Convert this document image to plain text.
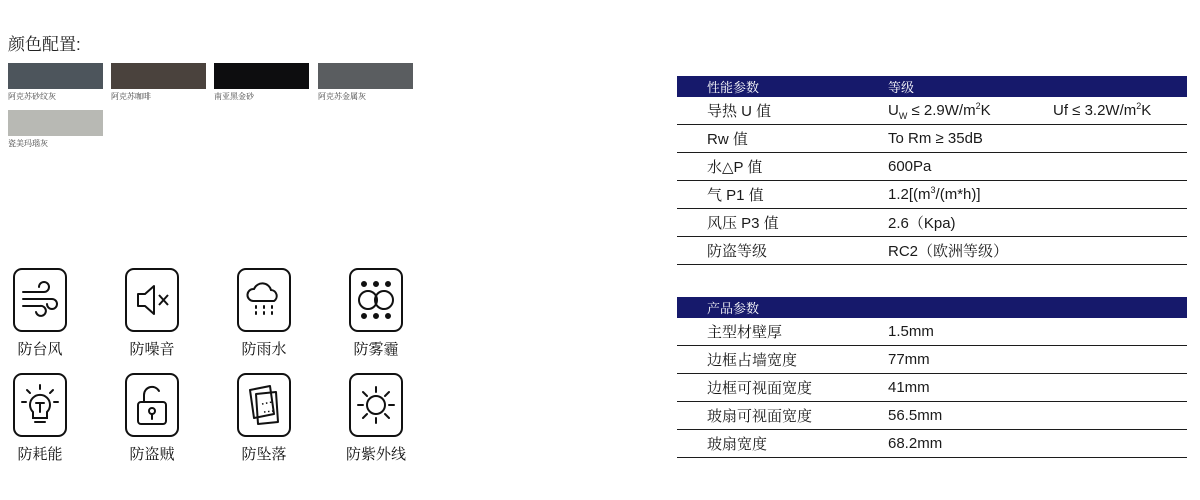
颜色配置:
阿克苏砂纹灰	阿克苏咖啡	南亚黑金砂	阿克苏金属灰
瓷美玛瑙灰
防台风	防噪音	防雨水	防雾霾
防耗能	防盗贼	防坠落	防紫外线
性能参数	等级
导热 U 值	$U_W \le 2.9W/m^2K$	$Uf \le 3.2W/m^2K$
Rw 值	To Rm ≥ 35dB
水△P 值	600Pa
气 P1 值	$1.2[(m^3/(m*h)]$
风压 P3 值	2.6（Kpa)
防盗等级	RC2（欧洲等级）
产品参数
主型材壁厚	1.5mm
边框占墙宽度	77mm
边框可视面宽度	41mm
玻扇可视面宽度	56.5mm
玻扇宽度	68.2mm
